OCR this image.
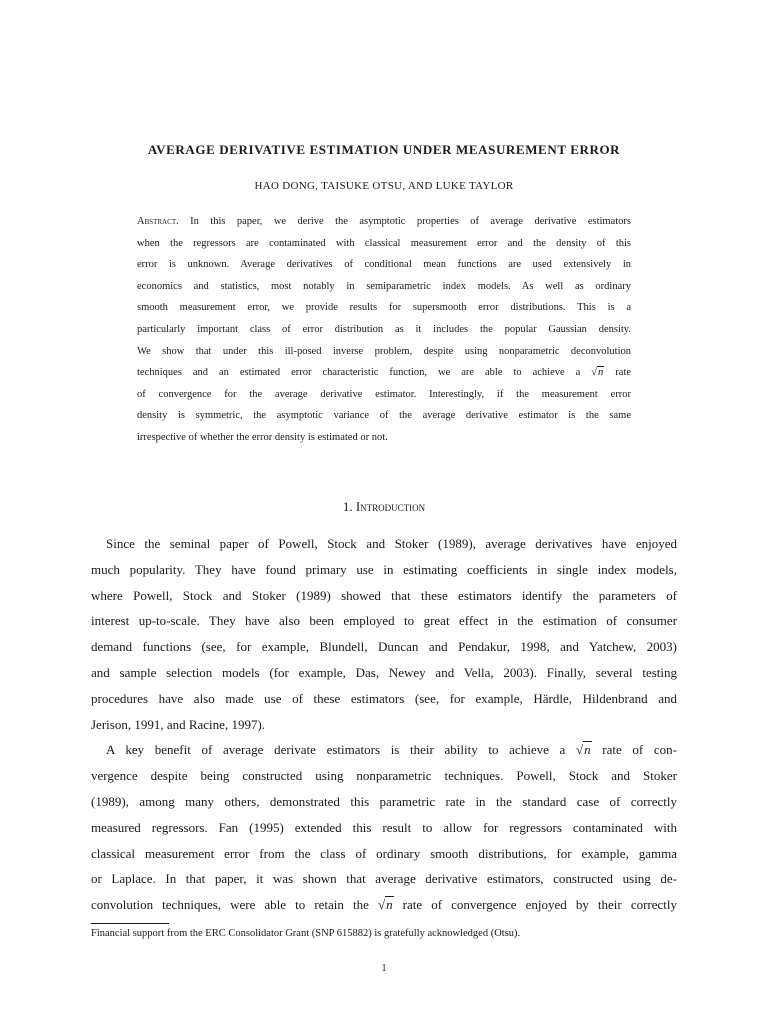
AVERAGE DERIVATIVE ESTIMATION UNDER MEASUREMENT ERROR
HAO DONG, TAISUKE OTSU, AND LUKE TAYLOR
Abstract. In this paper, we derive the asymptotic properties of average derivative estimators
when the regressors are contaminated with classical measurement error and the density of this
error is unknown. Average derivatives of conditional mean functions are used extensively in
economics and statistics, most notably in semiparametric index models. As well as ordinary
smooth measurement error, we provide results for supersmooth error distributions. This is a
particularly important class of error distribution as it includes the popular Gaussian density.
We show that under this ill-posed inverse problem, despite using nonparametric deconvolution
techniques and an estimated error characteristic function, we are able to achieve a √n rate
of convergence for the average derivative estimator. Interestingly, if the measurement error
density is symmetric, the asymptotic variance of the average derivative estimator is the same
irrespective of whether the error density is estimated or not.
1. Introduction
Since the seminal paper of Powell, Stock and Stoker (1989), average derivatives have enjoyed
much popularity. They have found primary use in estimating coefficients in single index models,
where Powell, Stock and Stoker (1989) showed that these estimators identify the parameters of
interest up-to-scale. They have also been employed to great effect in the estimation of consumer
demand functions (see, for example, Blundell, Duncan and Pendakur, 1998, and Yatchew, 2003)
and sample selection models (for example, Das, Newey and Vella, 2003). Finally, several testing
procedures have also made use of these estimators (see, for example, Härdle, Hildenbrand and
Jerison, 1991, and Racine, 1997).
A key benefit of average derivate estimators is their ability to achieve a √n rate of con-
vergence despite being constructed using nonparametric techniques. Powell, Stock and Stoker
(1989), among many others, demonstrated this parametric rate in the standard case of correctly
measured regressors. Fan (1995) extended this result to allow for regressors contaminated with
classical measurement error from the class of ordinary smooth distributions, for example, gamma
or Laplace. In that paper, it was shown that average derivative estimators, constructed using de-
convolution techniques, were able to retain the √n rate of convergence enjoyed by their correctly
Financial support from the ERC Consolidator Grant (SNP 615882) is gratefully acknowledged (Otsu).
1
